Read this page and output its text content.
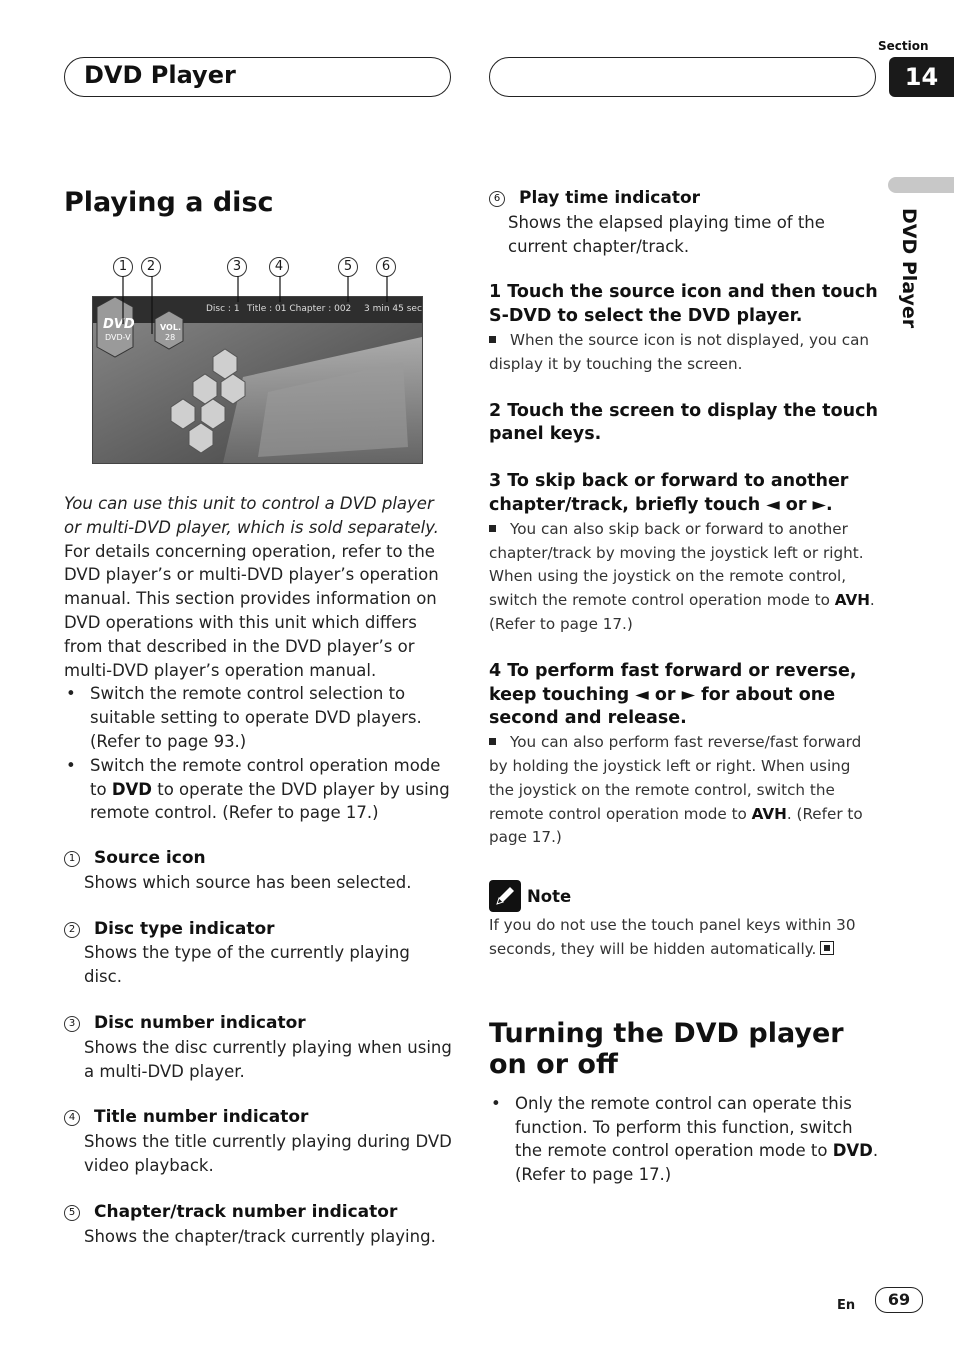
DVD Player
Section
14
DVD Player
Playing a disc
1	2	3	4	5	6
DVD
DVD-V
VOL.
28
Disc : 1 Title : 01 Chapter : 002 3 min 45 sec

You can use this unit to control a DVD player or multi-DVD player, which is sold separately.

For details concerning operation, refer to the DVD player’s or multi-DVD player’s operation manual. This section provides information on DVD operations with this unit which differs from that described in the DVD player’s or multi-DVD player’s operation manual.

• Switch the remote control selection to suitable setting to operate DVD players. (Refer to page 93.)
• Switch the remote control operation mode to DVD to operate the DVD player by using remote control. (Refer to page 17.)

1 Source icon

Shows which source has been selected.

2 Disc type indicator

Shows the type of the currently playing disc.

3 Disc number indicator

Shows the disc currently playing when using a multi-DVD player.

4 Title number indicator

Shows the title currently playing during DVD video playback.

5 Chapter/track number indicator

Shows the chapter/track currently playing.

6 Play time indicator

Shows the elapsed playing time of the current chapter/track.

1 Touch the source icon and then touch S-DVD to select the DVD player.

When the source icon is not displayed, you can display it by touching the screen.

2 Touch the screen to display the touch panel keys.

3 To skip back or forward to another chapter/track, briefly touch ◄ or ►.

You can also skip back or forward to another chapter/track by moving the joystick left or right. When using the joystick on the remote control, switch the remote control operation mode to AVH. (Refer to page 17.)

4 To perform fast forward or reverse, keep touching ◄ or ► for about one second and release.

You can also perform fast reverse/fast forward by holding the joystick left or right. When using the joystick on the remote control, switch the remote control operation mode to AVH. (Refer to page 17.)

Note

If you do not use the touch panel keys within 30 seconds, they will be hidden automatically.

Turning the DVD player on or off
• Only the remote control can operate this function. To perform this function, switch the remote control operation mode to DVD. (Refer to page 17.)
En	69
